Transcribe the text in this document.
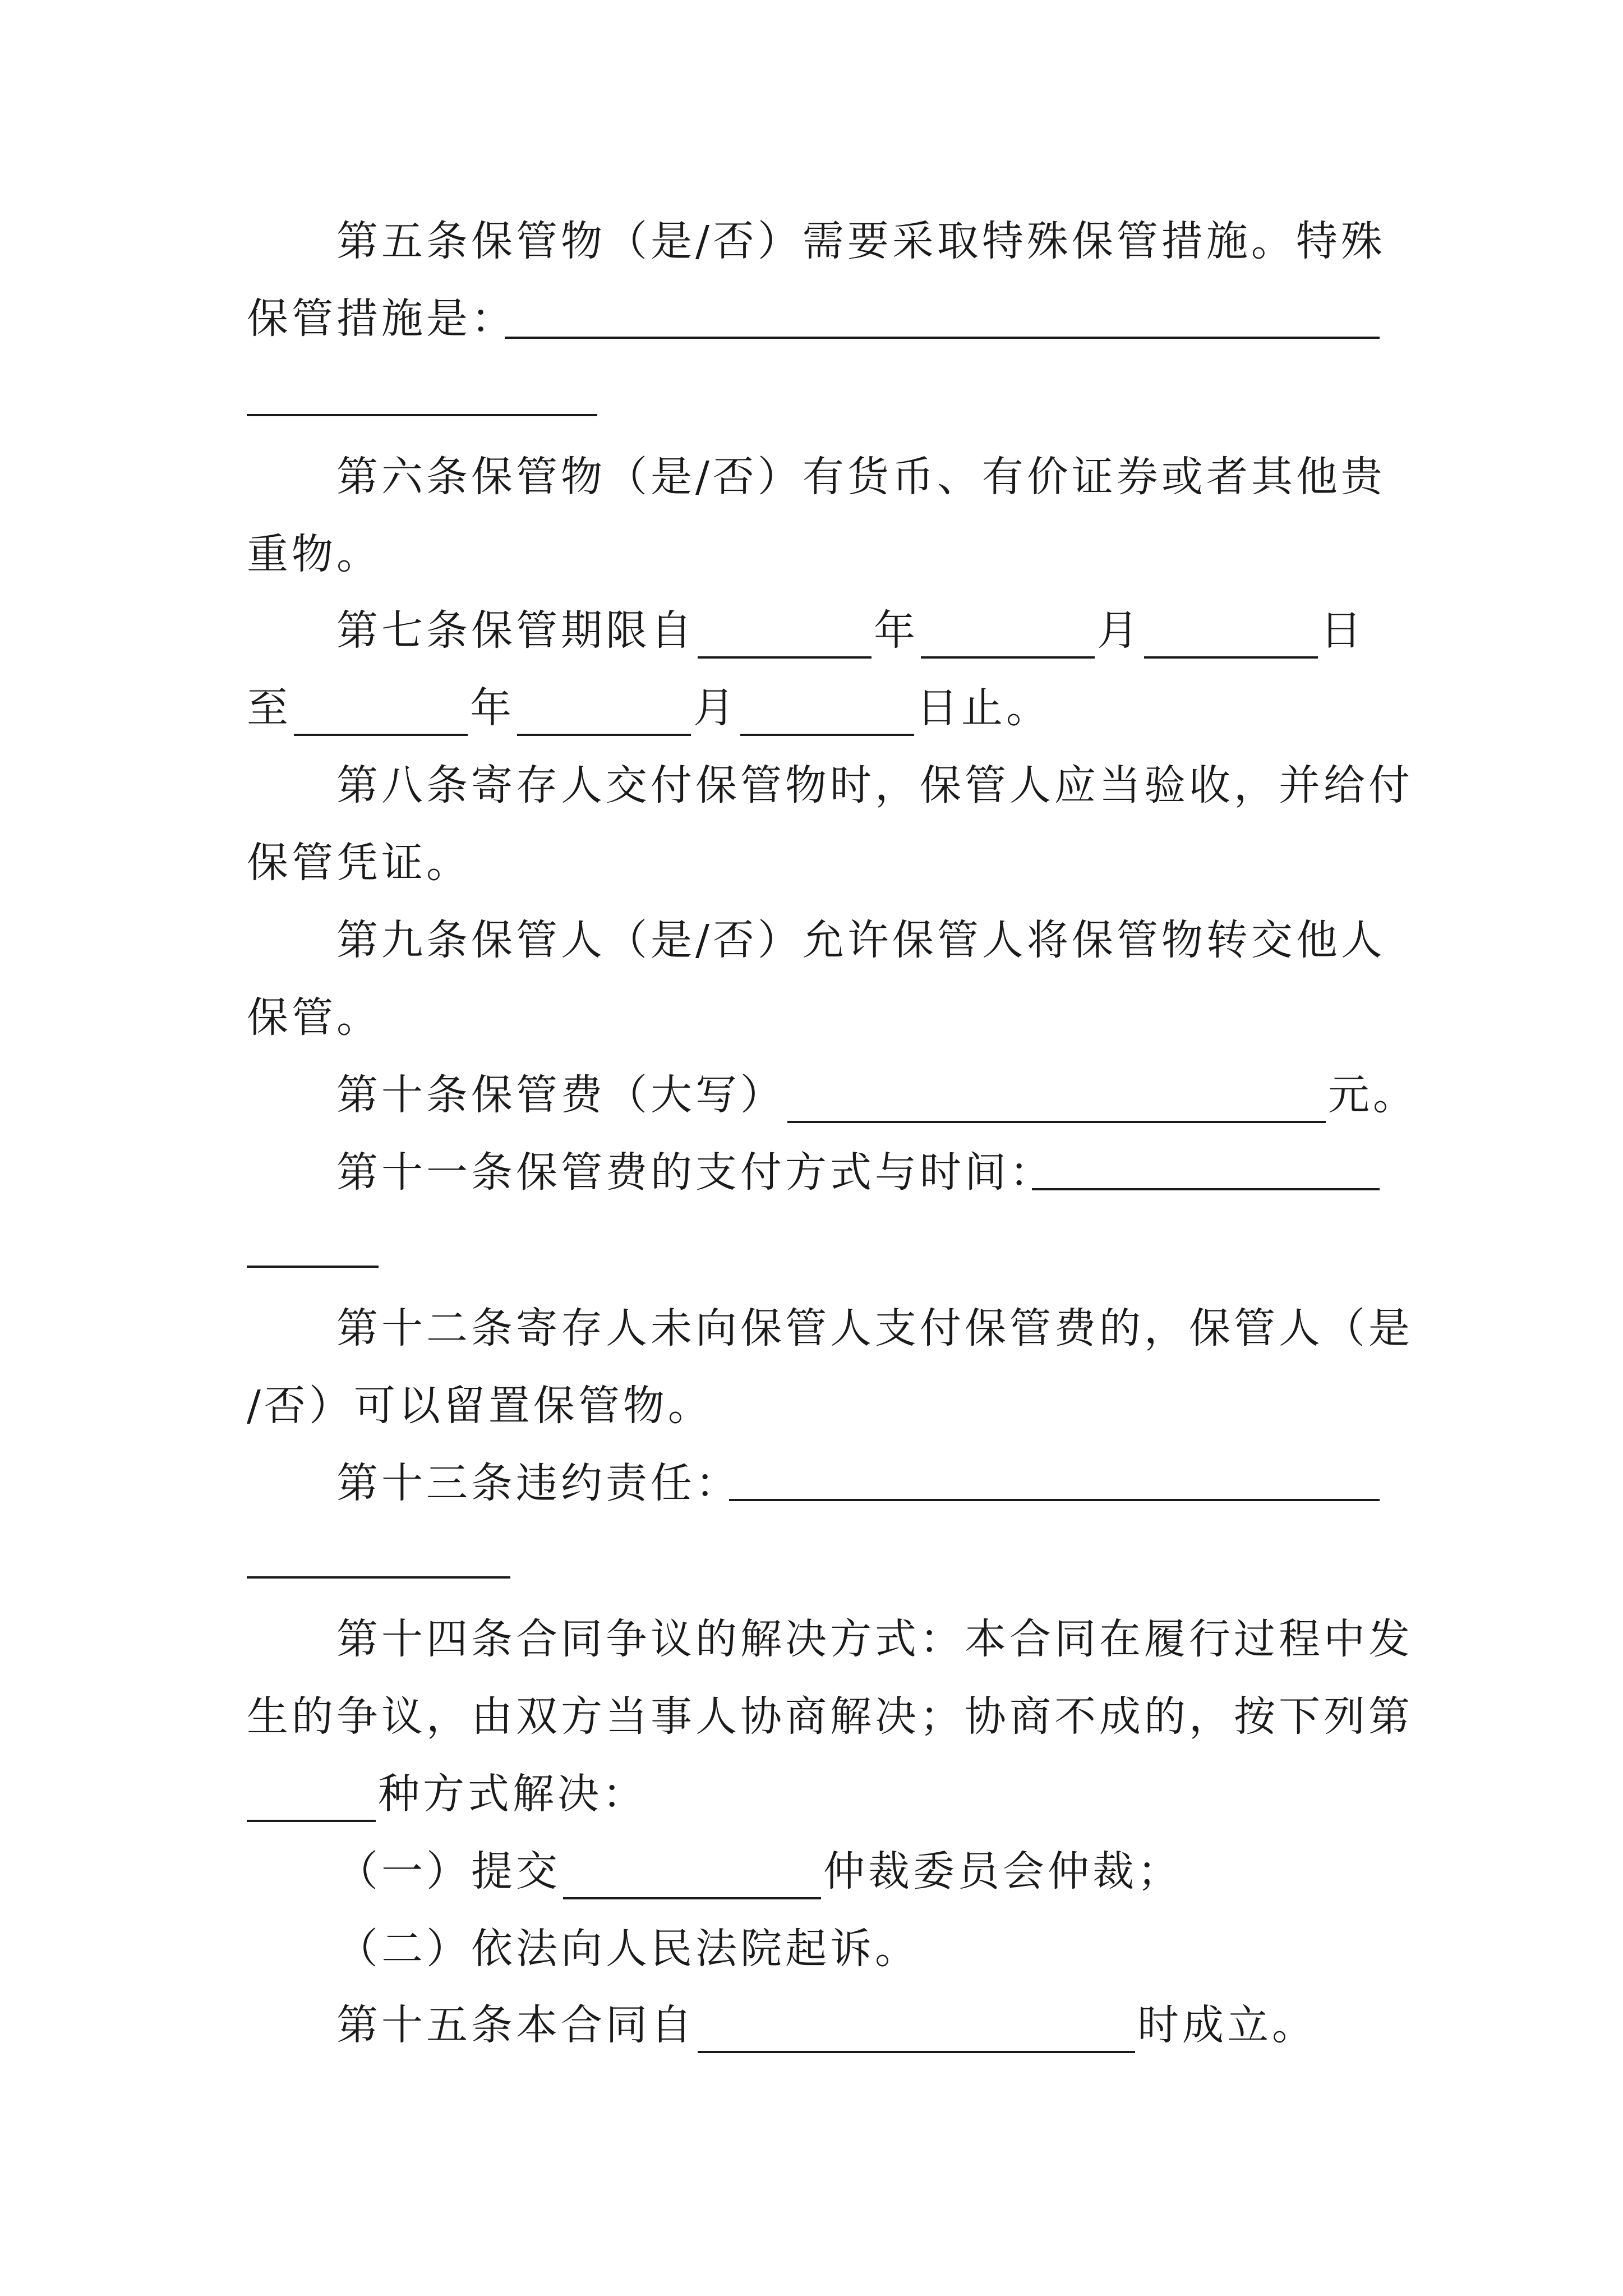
第五条保管物（是/否）需要采取特殊保管措施。特殊
保管措施是：
第六条保管物（是/否）有货币、有价证券或者其他贵
重物。
第七条保管期限自	年	月	日
至	年	月	日止。
第八条寄存人交付保管物时，保管人应当验收，并给付
保管凭证。
第九条保管人（是/否）允许保管人将保管物转交他人
保管。
第十条保管费（大写）	元。
第十一条保管费的支付方式与时间：
第十二条寄存人未向保管人支付保管费的，保管人（是
/否）可以留置保管物。
第十三条违约责任：
第十四条合同争议的解决方式：本合同在履行过程中发
生的争议，由双方当事人协商解决；协商不成的，按下列第
种方式解决：
（一）提交	仲裁委员会仲裁；
（二）依法向人民法院起诉。
第十五条本合同自	时成立。
